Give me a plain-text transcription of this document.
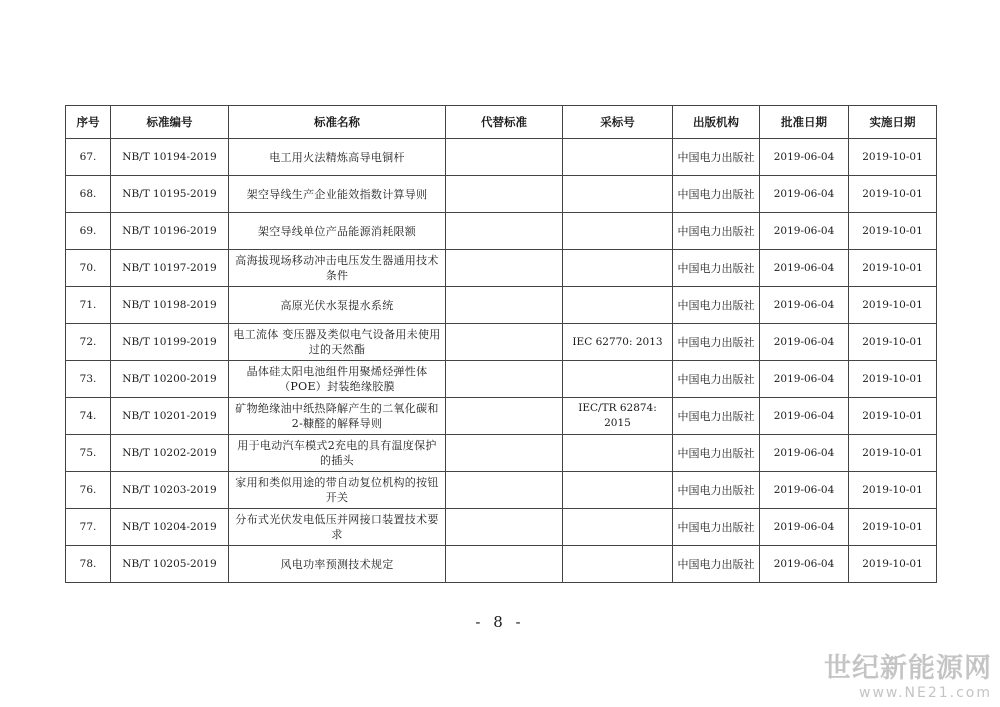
序号	标准编号	标准名称	代替标准	采标号	出版机构	批准日期	实施日期
67.	NB/T 10194-2019	电工用火法精炼高导电铜杆			中国电力出版社	2019-06-04	2019-10-01
68.	NB/T 10195-2019	架空导线生产企业能效指数计算导则			中国电力出版社	2019-06-04	2019-10-01
69.	NB/T 10196-2019	架空导线单位产品能源消耗限额			中国电力出版社	2019-06-04	2019-10-01
70.	NB/T 10197-2019	高海拔现场移动冲击电压发生器通用技术条件			中国电力出版社	2019-06-04	2019-10-01
71.	NB/T 10198-2019	高原光伏水泵提水系统			中国电力出版社	2019-06-04	2019-10-01
72.	NB/T 10199-2019	电工流体 变压器及类似电气设备用未使用过的天然酯		IEC 62770: 2013	中国电力出版社	2019-06-04	2019-10-01
73.	NB/T 10200-2019	晶体硅太阳电池组件用聚烯烃弹性体（POE）封装绝缘胶膜			中国电力出版社	2019-06-04	2019-10-01
74.	NB/T 10201-2019	矿物绝缘油中纸热降解产生的二氧化碳和 2-糠醛的解释导则		IEC/TR 62874: 2015	中国电力出版社	2019-06-04	2019-10-01
75.	NB/T 10202-2019	用于电动汽车模式2充电的具有温度保护的插头			中国电力出版社	2019-06-04	2019-10-01
76.	NB/T 10203-2019	家用和类似用途的带自动复位机构的按钮开关			中国电力出版社	2019-06-04	2019-10-01
77.	NB/T 10204-2019	分布式光伏发电低压并网接口装置技术要求			中国电力出版社	2019-06-04	2019-10-01
78.	NB/T 10205-2019	风电功率预测技术规定			中国电力出版社	2019-06-04	2019-10-01
- 8 -
世纪新能源网
www.NE21.com
